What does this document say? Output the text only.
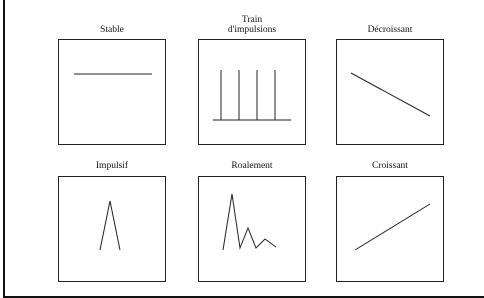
Stable
Train
d'impulsions	Décroissant
Impulsif	Roalement	Croissant
